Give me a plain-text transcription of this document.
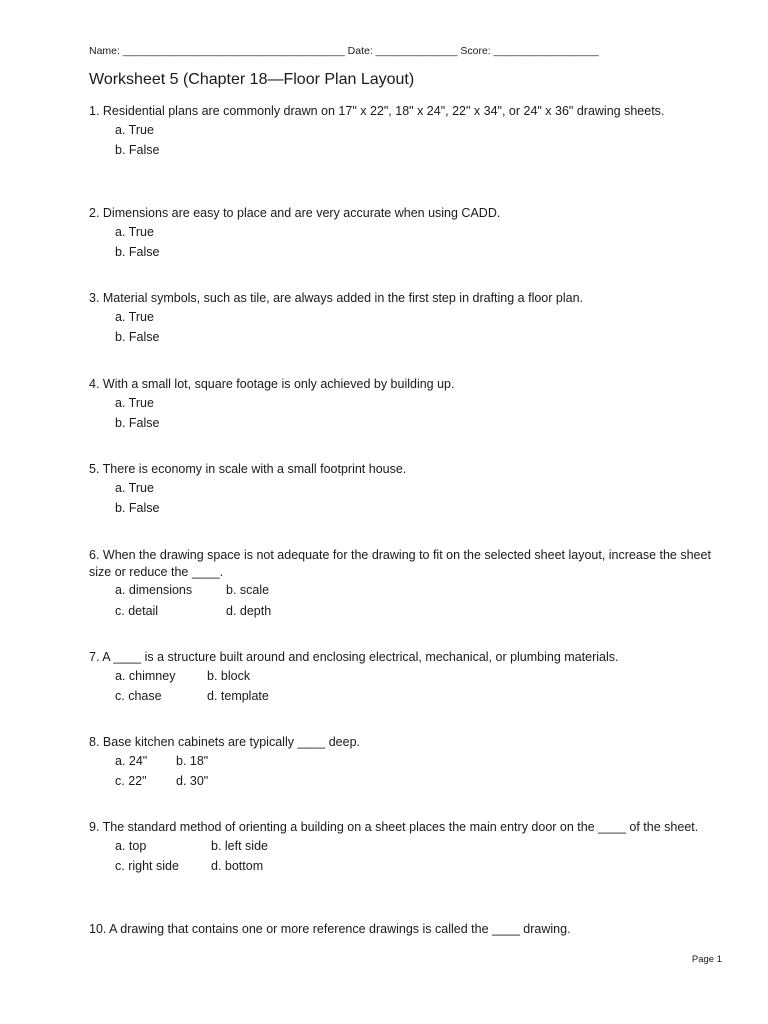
Name: ______________________________________ Date: ______________ Score: __________________
Worksheet 5 (Chapter 18—Floor Plan Layout)

1. Residential plans are commonly drawn on 17" x 22", 18" x 24", 22" x 34", or 24" x 36" drawing sheets.

a. True
b. False

2. Dimensions are easy to place and are very accurate when using CADD.

a. True
b. False

3. Material symbols, such as tile, are always added in the first step in drafting a floor plan.

a. True
b. False

4. With a small lot, square footage is only achieved by building up.

a. True
b. False

5. There is economy in scale with a small footprint house.

a. True
b. False

6. When the drawing space is not adequate for the drawing to fit on the selected sheet layout, increase the sheet size or reduce the ____.

a. dimensions	b. scale
c. detail	d. depth

7. A ____ is a structure built around and enclosing electrical, mechanical, or plumbing materials.

a. chimney	b. block
c. chase	d. template

8. Base kitchen cabinets are typically ____ deep.

a. 24"	b. 18"
c. 22"	d. 30"

9. The standard method of orienting a building on a sheet places the main entry door on the ____ of the sheet.

a. top	b. left side
c. right side	d. bottom

10. A drawing that contains one or more reference drawings is called the ____ drawing.

Page 1
